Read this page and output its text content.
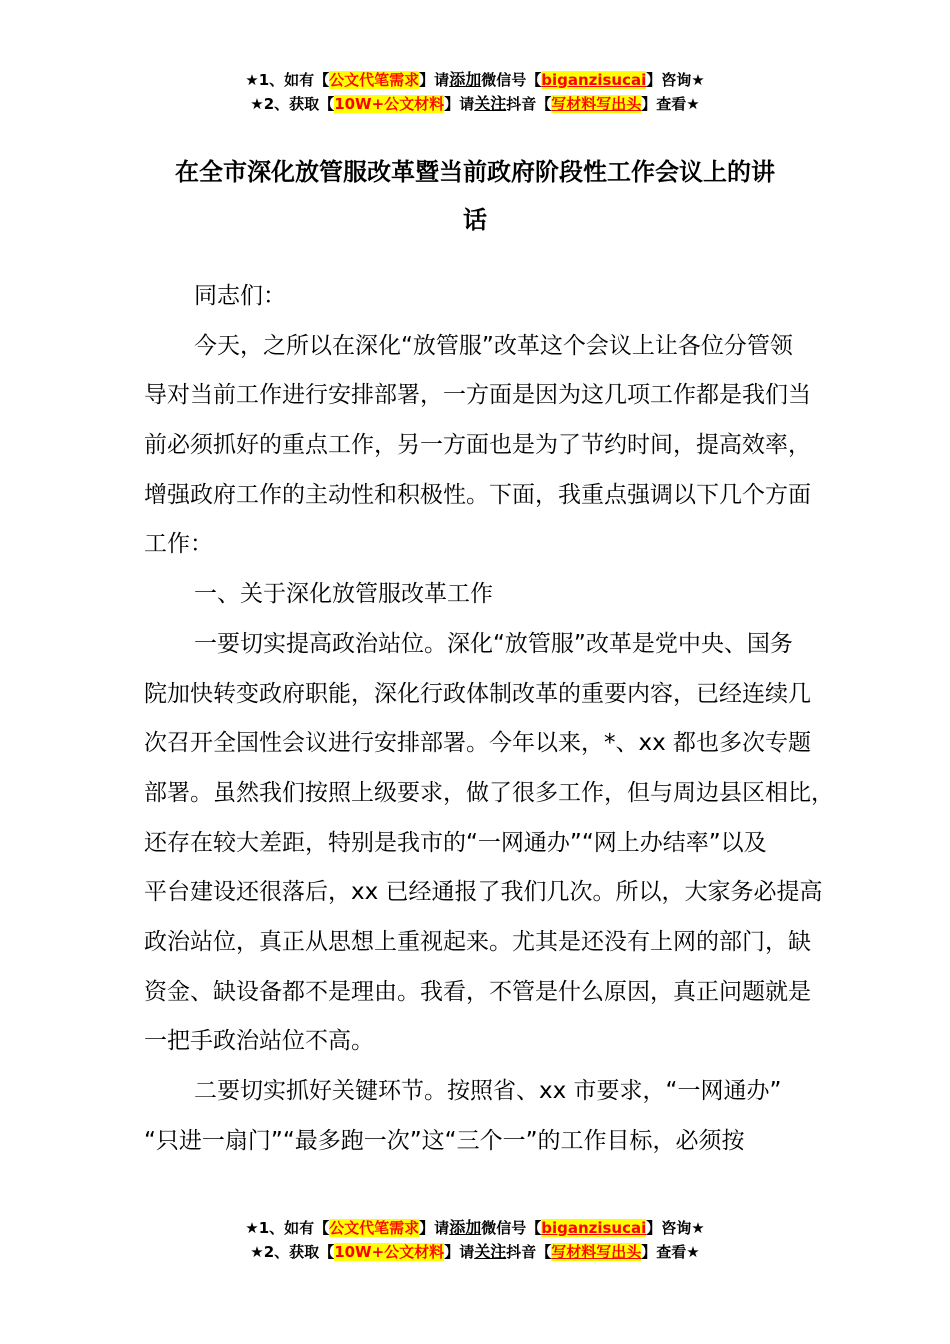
★1、如有【公文代笔需求】请添加微信号【biganzisucai】咨询★
★2、获取【10W+公文材料】请关注抖音【写材料写出头】查看★
在全市深化放管服改革暨当前政府阶段性工作会议上的讲
话
同志们：
今天，之所以在深化“放管服”改革这个会议上让各位分管领
导对当前工作进行安排部署，一方面是因为这几项工作都是我们当
前必须抓好的重点工作，另一方面也是为了节约时间，提高效率，
增强政府工作的主动性和积极性。下面，我重点强调以下几个方面
工作：
一、关于深化放管服改革工作
一要切实提高政治站位。深化“放管服”改革是党中央、国务
院加快转变政府职能，深化行政体制改革的重要内容，已经连续几
次召开全国性会议进行安排部署。今年以来，*、xx 都也多次专题
部署。虽然我们按照上级要求，做了很多工作，但与周边县区相比，
还存在较大差距，特别是我市的“一网通办”“网上办结率”以及
平台建设还很落后，xx 已经通报了我们几次。所以，大家务必提高
政治站位，真正从思想上重视起来。尤其是还没有上网的部门，缺
资金、缺设备都不是理由。我看，不管是什么原因，真正问题就是
一把手政治站位不高。
二要切实抓好关键环节。按照省、xx 市要求，“一网通办”
“只进一扇门”“最多跑一次”这“三个一”的工作目标，必须按
★1、如有【公文代笔需求】请添加微信号【biganzisucai】咨询★
★2、获取【10W+公文材料】请关注抖音【写材料写出头】查看★
